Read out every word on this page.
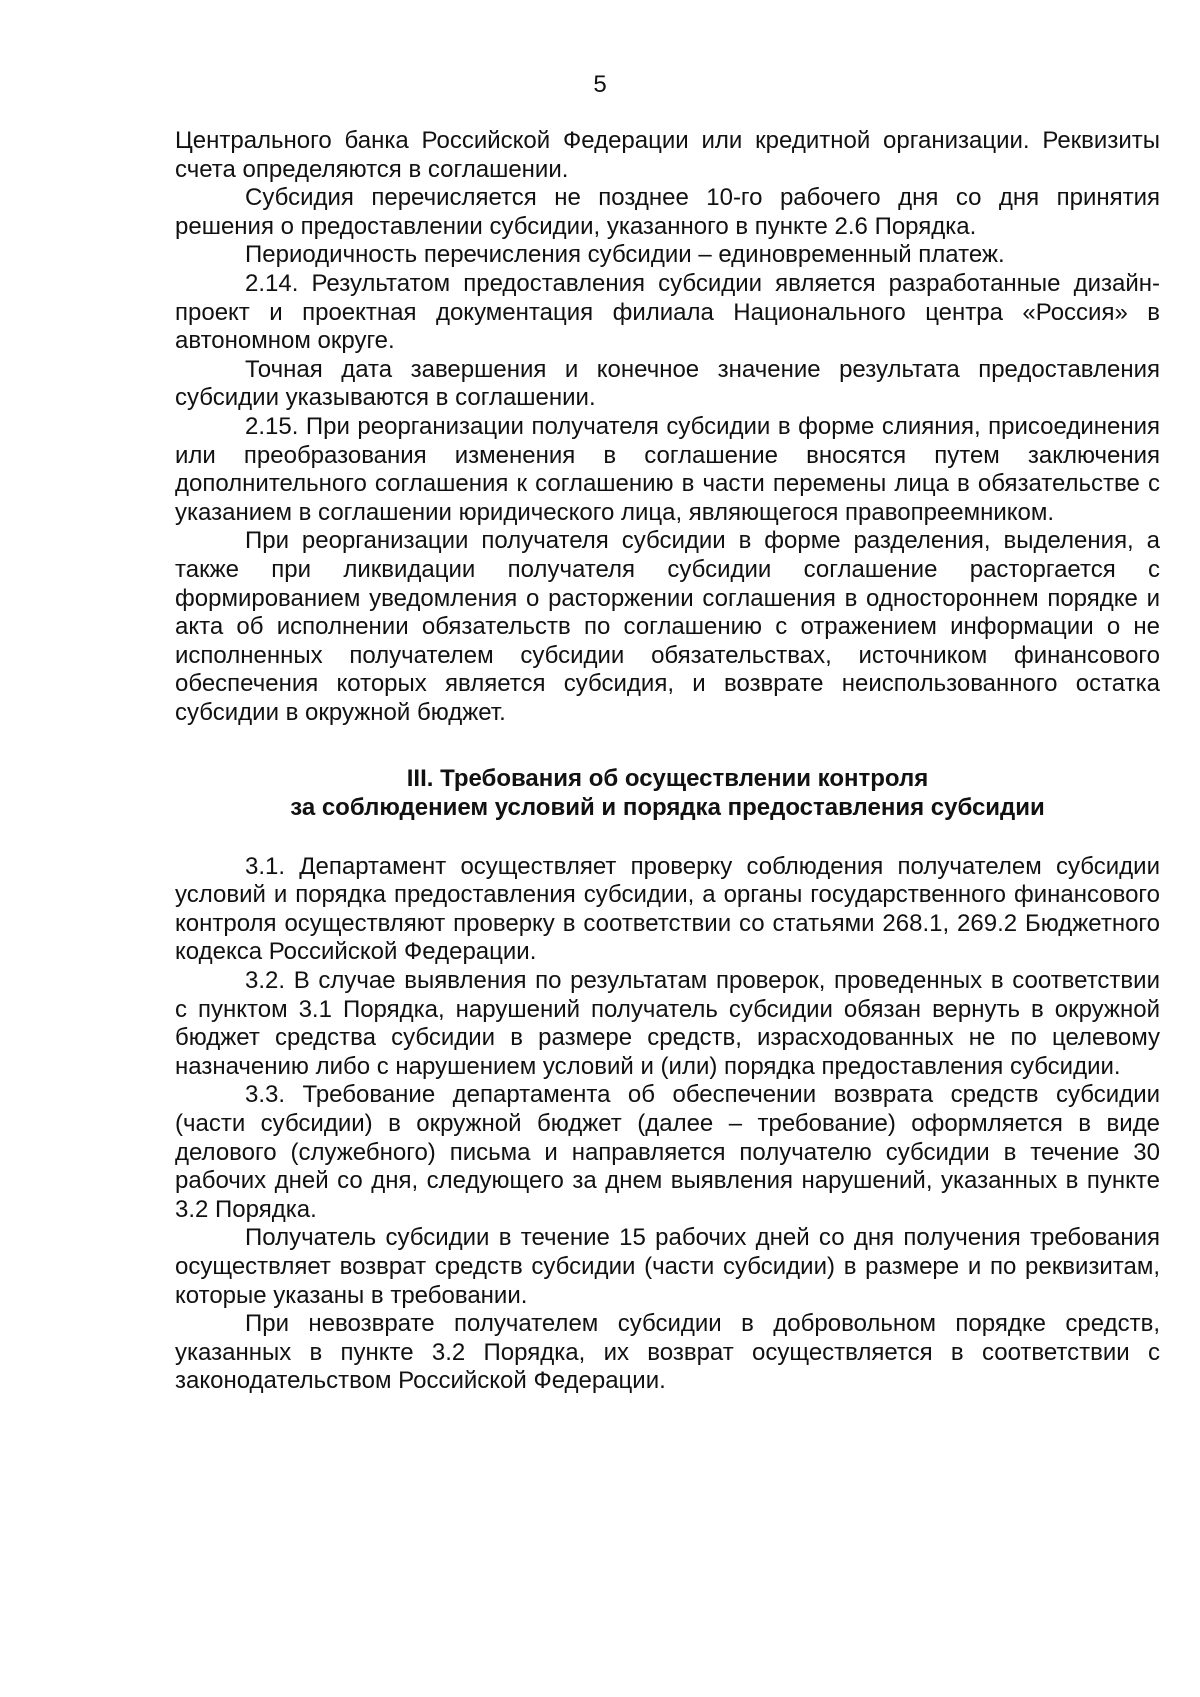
5

Центрального банка Российской Федерации или кредитной организации. Реквизиты счета определяются в соглашении.

Субсидия перечисляется не позднее 10-го рабочего дня со дня принятия решения о предоставлении субсидии, указанного в пункте 2.6 Порядка.

Периодичность перечисления субсидии – единовременный платеж.

2.14. Результатом предоставления субсидии является разработанные дизайн-проект и проектная документация филиала Национального центра «Россия» в автономном округе.

Точная дата завершения и конечное значение результата предоставления субсидии указываются в соглашении.

2.15. При реорганизации получателя субсидии в форме слияния, присоединения или преобразования изменения в соглашение вносятся путем заключения дополнительного соглашения к соглашению в части перемены лица в обязательстве с указанием в соглашении юридического лица, являющегося правопреемником.

При реорганизации получателя субсидии в форме разделения, выделения, а также при ликвидации получателя субсидии соглашение расторгается с формированием уведомления о расторжении соглашения в одностороннем порядке и акта об исполнении обязательств по соглашению с отражением информации о не исполненных получателем субсидии обязательствах, источником финансового обеспечения которых является субсидия, и возврате неиспользованного остатка субсидии в окружной бюджет.

III. Требования об осуществлении контроля

за соблюдением условий и порядка предоставления субсидии

3.1. Департамент осуществляет проверку соблюдения получателем субсидии условий и порядка предоставления субсидии, а органы государственного финансового контроля осуществляют проверку в соответствии со статьями 268.1, 269.2 Бюджетного кодекса Российской Федерации.

3.2. В случае выявления по результатам проверок, проведенных в соответствии с пунктом 3.1 Порядка, нарушений получатель субсидии обязан вернуть в окружной бюджет средства субсидии в размере средств, израсходованных не по целевому назначению либо с нарушением условий и (или) порядка предоставления субсидии.

3.3. Требование департамента об обеспечении возврата средств субсидии (части субсидии) в окружной бюджет (далее – требование) оформляется в виде делового (служебного) письма и направляется получателю субсидии в течение 30 рабочих дней со дня, следующего за днем выявления нарушений, указанных в пункте 3.2 Порядка.

Получатель субсидии в течение 15 рабочих дней со дня получения требования осуществляет возврат средств субсидии (части субсидии) в размере и по реквизитам, которые указаны в требовании.

При невозврате получателем субсидии в добровольном порядке средств, указанных в пункте 3.2 Порядка, их возврат осуществляется в соответствии с законодательством Российской Федерации.
